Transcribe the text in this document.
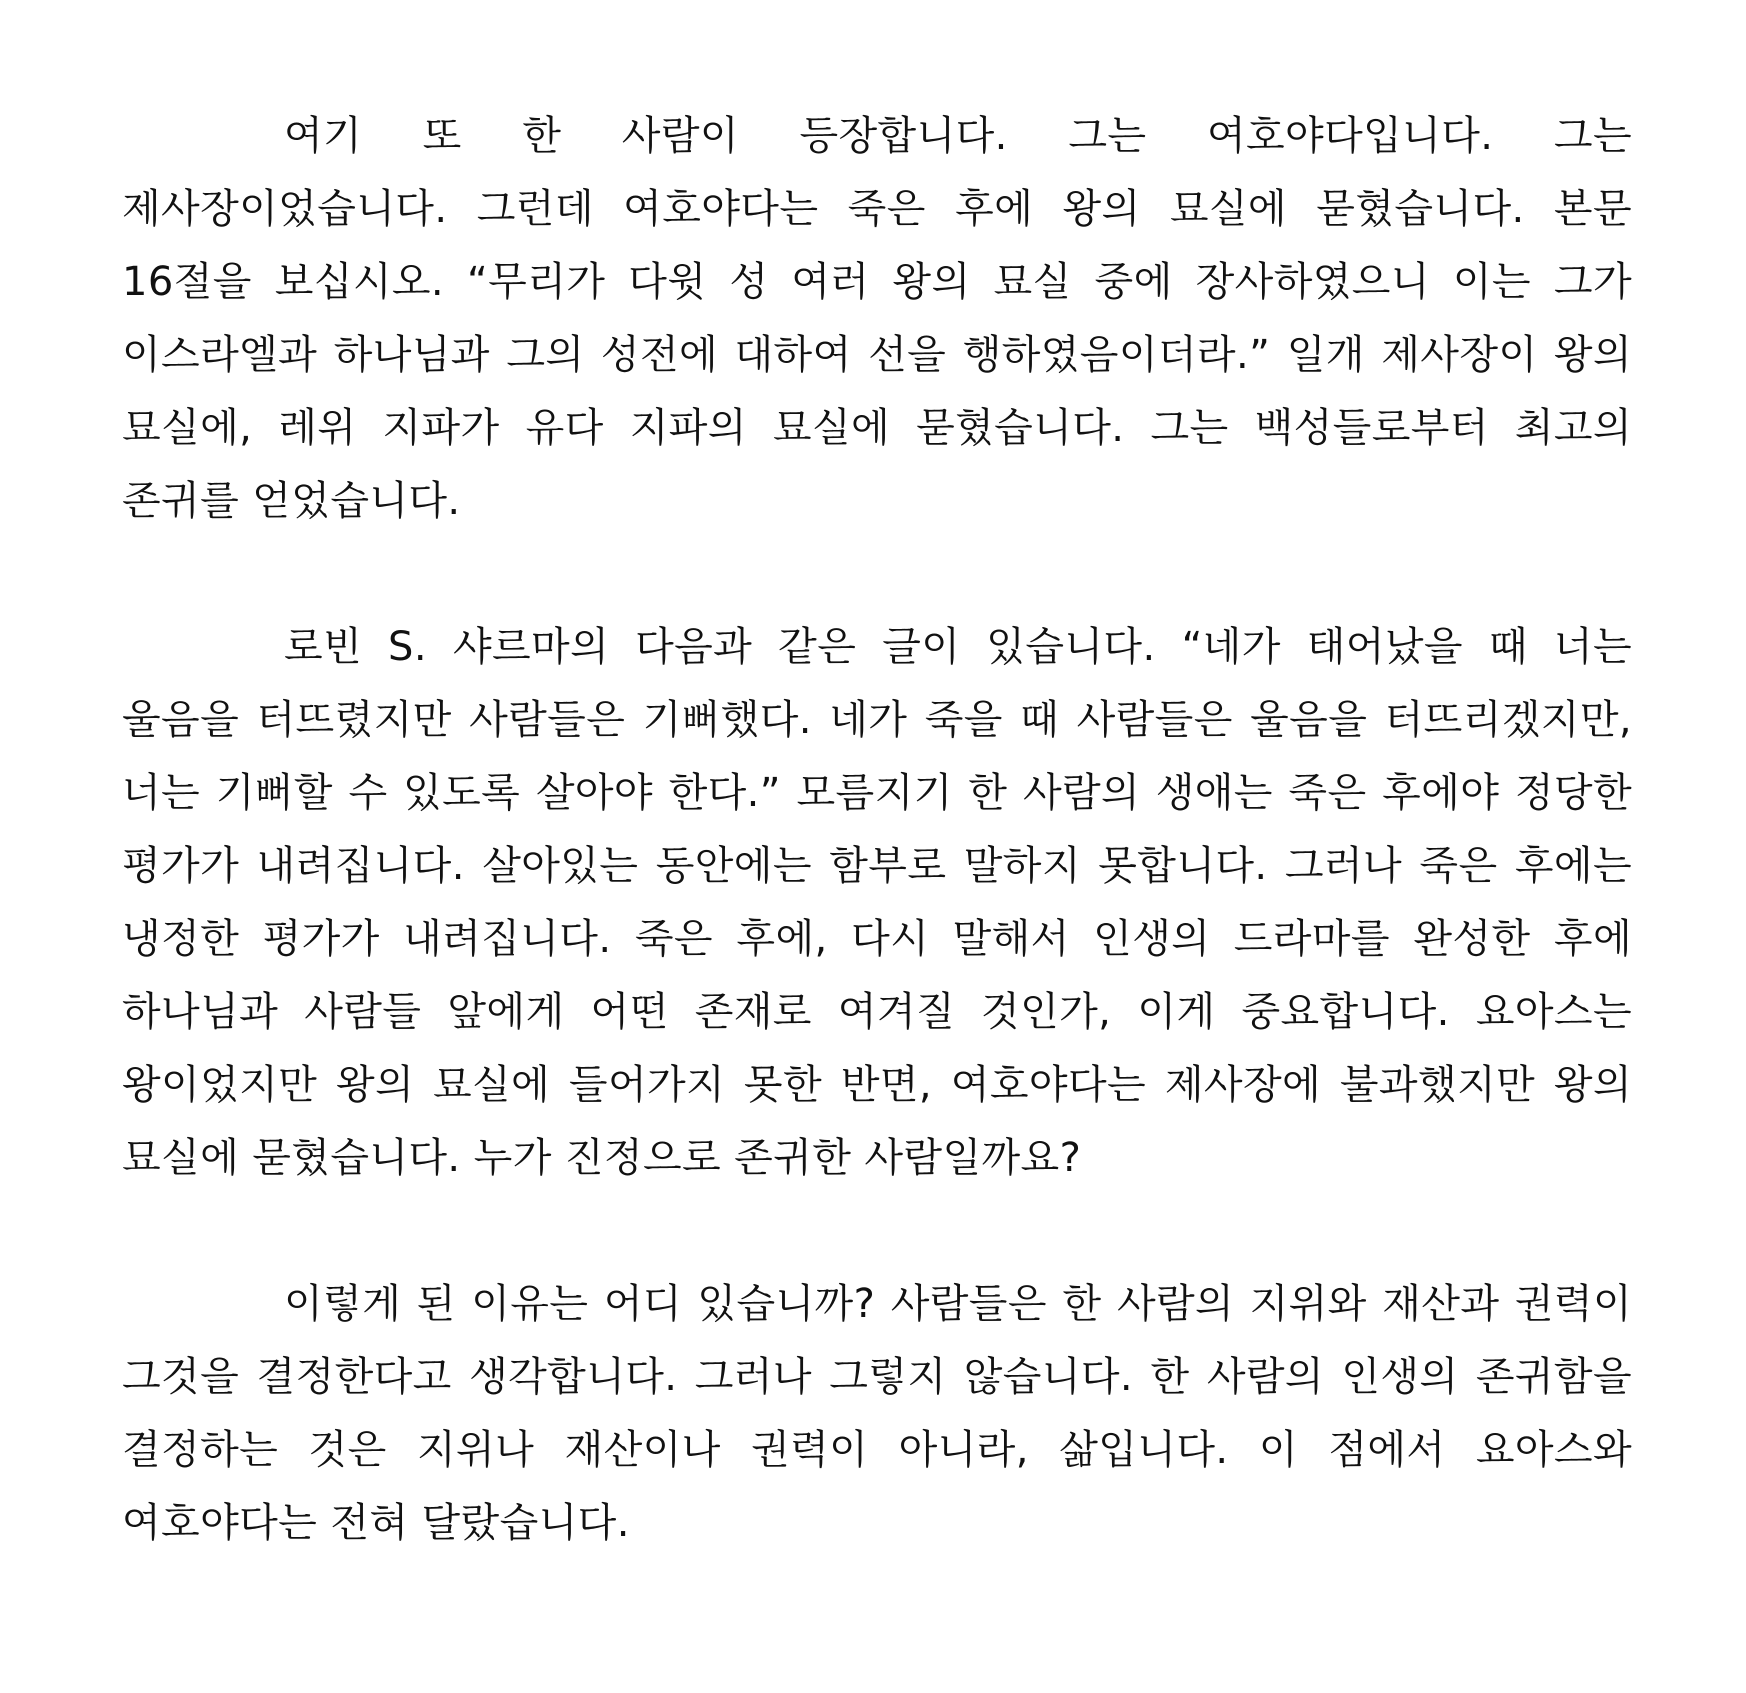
여기 또 한 사람이 등장합니다. 그는 여호야다입니다. 그는 제사장이었습니다. 그런데 여호야다는 죽은 후에 왕의 묘실에 묻혔습니다. 본문 16절을 보십시오. “무리가 다윗 성 여러 왕의 묘실 중에 장사하였으니 이는 그가 이스라엘과 하나님과 그의 성전에 대하여 선을 행하였음이더라.” 일개 제사장이 왕의 묘실에, 레위 지파가 유다 지파의 묘실에 묻혔습니다. 그는 백성들로부터 최고의 존귀를 얻었습니다.

로빈 S. 샤르마의 다음과 같은 글이 있습니다. “네가 태어났을 때 너는 울음을 터뜨렸지만 사람들은 기뻐했다. 네가 죽을 때 사람들은 울음을 터뜨리겠지만, 너는 기뻐할 수 있도록 살아야 한다.” 모름지기 한 사람의 생애는 죽은 후에야 정당한 평가가 내려집니다. 살아있는 동안에는 함부로 말하지 못합니다. 그러나 죽은 후에는 냉정한 평가가 내려집니다. 죽은 후에, 다시 말해서 인생의 드라마를 완성한 후에 하나님과 사람들 앞에게 어떤 존재로 여겨질 것인가, 이게 중요합니다. 요아스는 왕이었지만 왕의 묘실에 들어가지 못한 반면, 여호야다는 제사장에 불과했지만 왕의 묘실에 묻혔습니다. 누가 진정으로 존귀한 사람일까요?

이렇게 된 이유는 어디 있습니까? 사람들은 한 사람의 지위와 재산과 권력이 그것을 결정한다고 생각합니다. 그러나 그렇지 않습니다. 한 사람의 인생의 존귀함을 결정하는 것은 지위나 재산이나 권력이 아니라, 삶입니다. 이 점에서 요아스와 여호야다는 전혀 달랐습니다.
